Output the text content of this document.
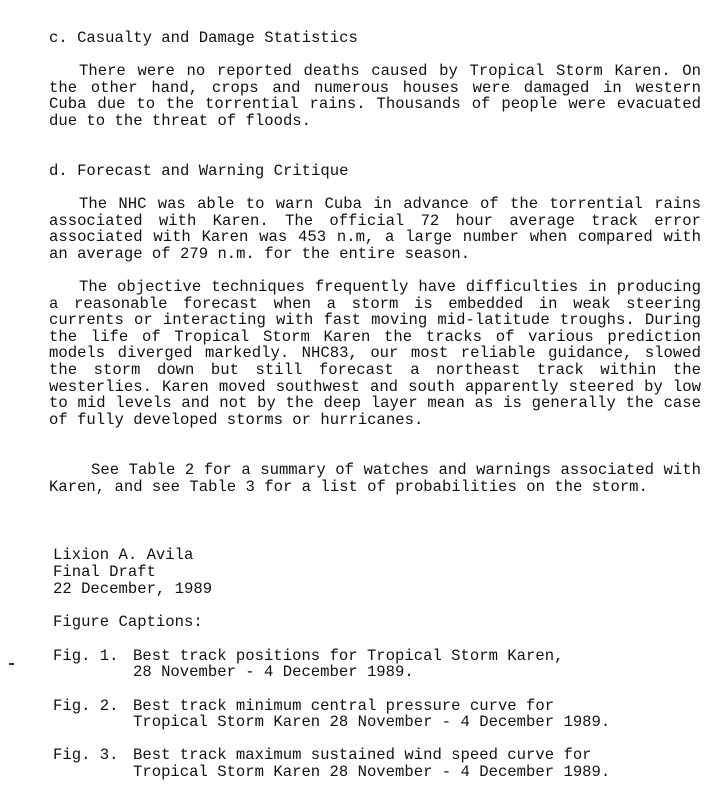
c. Casualty and Damage Statistics
There were no reported deaths caused by Tropical Storm Karen. On the other hand, crops and numerous houses were damaged in western Cuba due to the torrential rains. Thousands of people were evacuated due to the threat of floods.
d. Forecast and Warning Critique
The NHC was able to warn Cuba in advance of the torrential rains associated with Karen. The official 72 hour average track error associated with Karen was 453 n.m, a large number when compared with an average of 279 n.m. for the entire season.
The objective techniques frequently have difficulties in producing a reasonable forecast when a storm is embedded in weak steering currents or interacting with fast moving mid-latitude troughs. During the life of Tropical Storm Karen the tracks of various prediction models diverged markedly. NHC83, our most reliable guidance, slowed the storm down but still forecast a northeast track within the westerlies. Karen moved southwest and south apparently steered by low to mid levels and not by the deep layer mean as is generally the case of fully developed storms or hurricanes.
See Table 2 for a summary of watches and warnings associated with Karen, and see Table 3 for a list of probabilities on the storm.
Lixion A. Avila
Final Draft
22 December, 1989
Figure Captions:
Fig. 1. Best track positions for Tropical Storm Karen,
28 November - 4 December 1989.
Fig. 2. Best track minimum central pressure curve for
Tropical Storm Karen 28 November - 4 December 1989.
Fig. 3. Best track maximum sustained wind speed curve for
Tropical Storm Karen 28 November - 4 December 1989.
